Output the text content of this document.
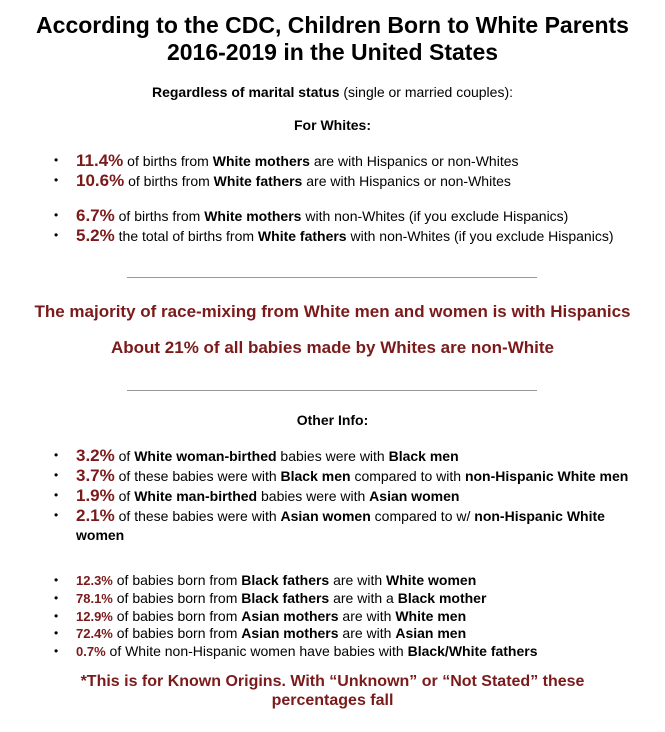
According to the CDC, Children Born to White Parents 2016-2019 in the United States
Regardless of marital status (single or married couples):
For Whites:
• 11.4% of births from White mothers are with Hispanics or non-Whites
• 10.6% of births from White fathers are with Hispanics or non-Whites
• 6.7% of births from White mothers with non-Whites (if you exclude Hispanics)
• 5.2% the total of births from White fathers with non-Whites (if you exclude Hispanics)
The majority of race-mixing from White men and women is with Hispanics
About 21% of all babies made by Whites are non-White
Other Info:
• 3.2% of White woman-birthed babies were with Black men
• 3.7% of these babies were with Black men compared to with non-Hispanic White men
• 1.9% of White man-birthed babies were with Asian women
• 2.1% of these babies were with Asian women compared to w/ non-Hispanic White women
• 12.3% of babies born from Black fathers are with White women
• 78.1% of babies born from Black fathers are with a Black mother
• 12.9% of babies born from Asian mothers are with White men
• 72.4% of babies born from Asian mothers are with Asian men
• 0.7% of White non-Hispanic women have babies with Black/White fathers
*This is for Known Origins. With “Unknown” or “Not Stated” these percentages fall
